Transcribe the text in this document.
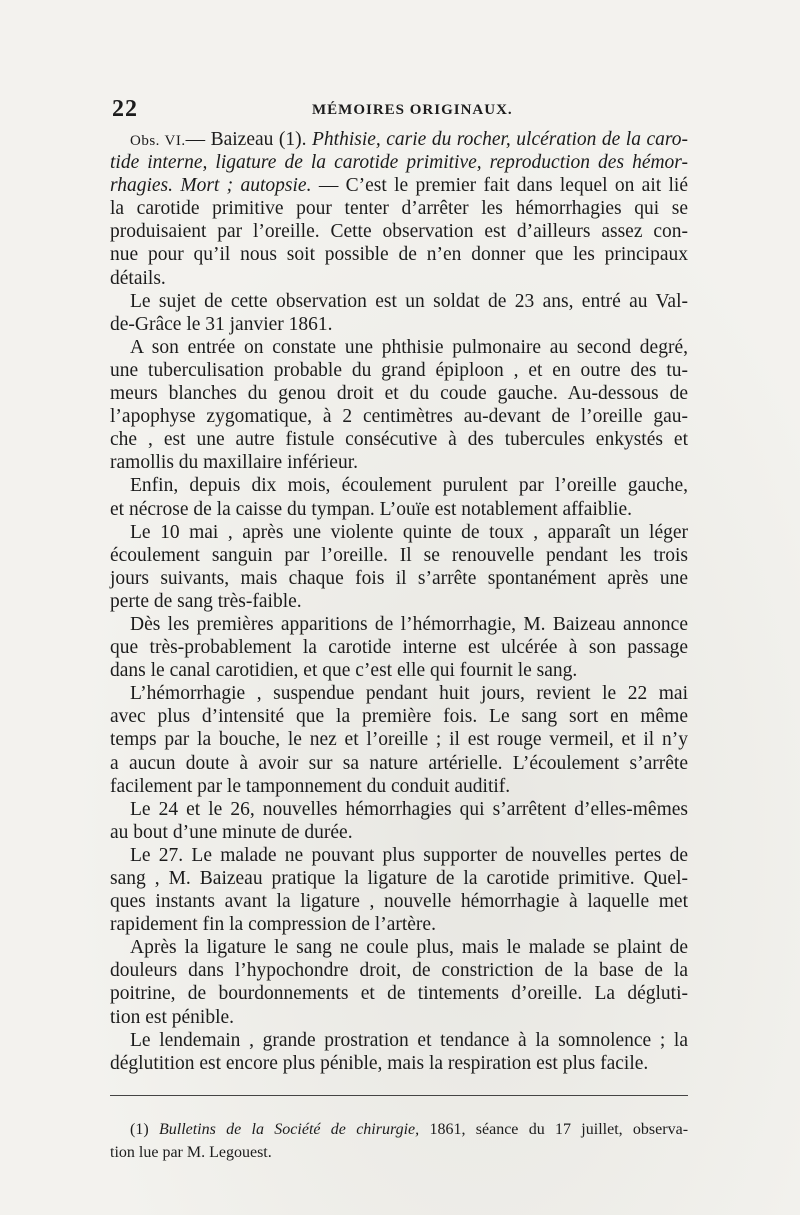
22	MÉMOIRES ORIGINAUX.
Obs. VI.— Baizeau (1). Phthisie, carie du rocher, ulcération de la caro-
tide interne, ligature de la carotide primitive, reproduction des hémor-
rhagies. Mort ; autopsie. — C’est le premier fait dans lequel on ait lié
la carotide primitive pour tenter d’arrêter les hémorrhagies qui se
produisaient par l’oreille. Cette observation est d’ailleurs assez con-
nue pour qu’il nous soit possible de n’en donner que les principaux
détails.
Le sujet de cette observation est un soldat de 23 ans, entré au Val-
de-Grâce le 31 janvier 1861.
A son entrée on constate une phthisie pulmonaire au second degré,
une tuberculisation probable du grand épiploon , et en outre des tu-
meurs blanches du genou droit et du coude gauche. Au-dessous de
l’apophyse zygomatique, à 2 centimètres au-devant de l’oreille gau-
che , est une autre fistule consécutive à des tubercules enkystés et
ramollis du maxillaire inférieur.
Enfin, depuis dix mois, écoulement purulent par l’oreille gauche,
et nécrose de la caisse du tympan. L’ouïe est notablement affaiblie.
Le 10 mai , après une violente quinte de toux , apparaît un léger
écoulement sanguin par l’oreille. Il se renouvelle pendant les trois
jours suivants, mais chaque fois il s’arrête spontanément après une
perte de sang très-faible.
Dès les premières apparitions de l’hémorrhagie, M. Baizeau annonce
que très-probablement la carotide interne est ulcérée à son passage
dans le canal carotidien, et que c’est elle qui fournit le sang.
L’hémorrhagie , suspendue pendant huit jours, revient le 22 mai
avec plus d’intensité que la première fois. Le sang sort en même
temps par la bouche, le nez et l’oreille ; il est rouge vermeil, et il n’y
a aucun doute à avoir sur sa nature artérielle. L’écoulement s’arrête
facilement par le tamponnement du conduit auditif.
Le 24 et le 26, nouvelles hémorrhagies qui s’arrêtent d’elles-mêmes
au bout d’une minute de durée.
Le 27. Le malade ne pouvant plus supporter de nouvelles pertes de
sang , M. Baizeau pratique la ligature de la carotide primitive. Quel-
ques instants avant la ligature , nouvelle hémorrhagie à laquelle met
rapidement fin la compression de l’artère.
Après la ligature le sang ne coule plus, mais le malade se plaint de
douleurs dans l’hypochondre droit, de constriction de la base de la
poitrine, de bourdonnements et de tintements d’oreille. La dégluti-
tion est pénible.
Le lendemain , grande prostration et tendance à la somnolence ; la
déglutition est encore plus pénible, mais la respiration est plus facile.
(1) Bulletins de la Société de chirurgie, 1861, séance du 17 juillet, observa-
tion lue par M. Legouest.
